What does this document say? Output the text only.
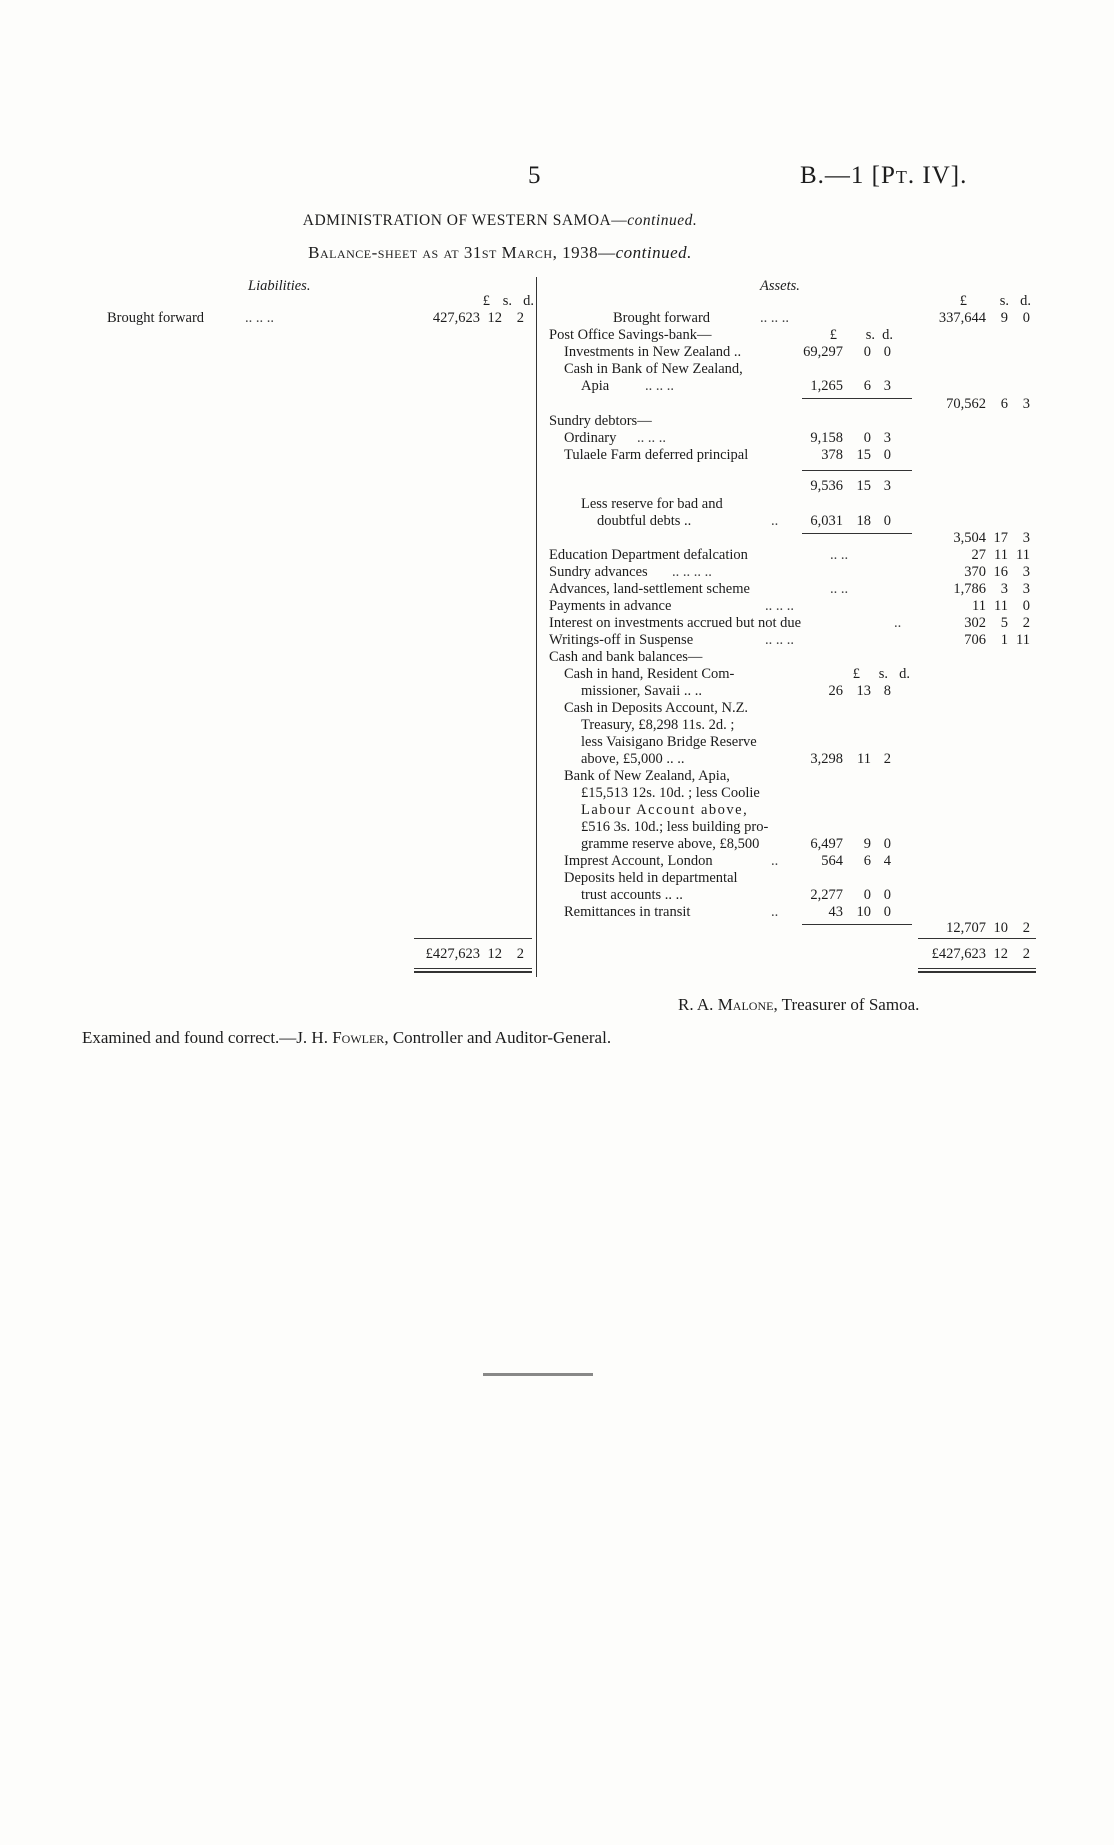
5	B.—1 [Pt. IV].
ADMINISTRATION OF WESTERN SAMOA—continued.
Balance-sheet as at 31st March, 1938—continued.
Liabilities.
£ s. d.
Brought forward	.. .. ..	427,623 12 2
£427,623 12 2
Assets.
£ s. d.
Brought forward	.. .. ..	337,644 9 0
Post Office Savings-bank—	£ s. d.
Investments in New Zealand ..	69,297 0 0
Cash in Bank of New Zealand,
Apia .. .. ..	1,265 6 3
70,562 6 3
Sundry debtors—
Ordinary .. .. ..	9,158 0 3
Tulaele Farm deferred principal	378 15 0
9,536 15 3
Less reserve for bad and
doubtful debts ..	..	6,031 18 0
3,504 17 3
Education Department defalcation	.. ..	27 11 11
Sundry advances .. .. .. ..	370 16 3
Advances, land-settlement scheme	.. ..	1,786 3 3
Payments in advance	.. .. ..	11 11 0
Interest on investments accrued but not due	..	302 5 2
Writings-off in Suspense	.. .. ..	706 1 11
Cash and bank balances—
Cash in hand, Resident Com-	£ s. d.
missioner, Savaii .. ..	26 13 8
Cash in Deposits Account, N.Z.
Treasury, £8,298 11s. 2d. ;
less Vaisigano Bridge Reserve
above, £5,000 .. ..	3,298 11 2
Bank of New Zealand, Apia,
£15,513 12s. 10d. ; less Coolie
Labour Account above,
£516 3s. 10d.; less building pro-
gramme reserve above, £8,500	6,497 9 0
Imprest Account, London	..	564 6 4
Deposits held in departmental
trust accounts .. ..	2,277 0 0
Remittances in transit	..	43 10 0
12,707 10 2
£427,623 12 2
R. A. Malone, Treasurer of Samoa.
Examined and found correct.—J. H. Fowler, Controller and Auditor-General.
